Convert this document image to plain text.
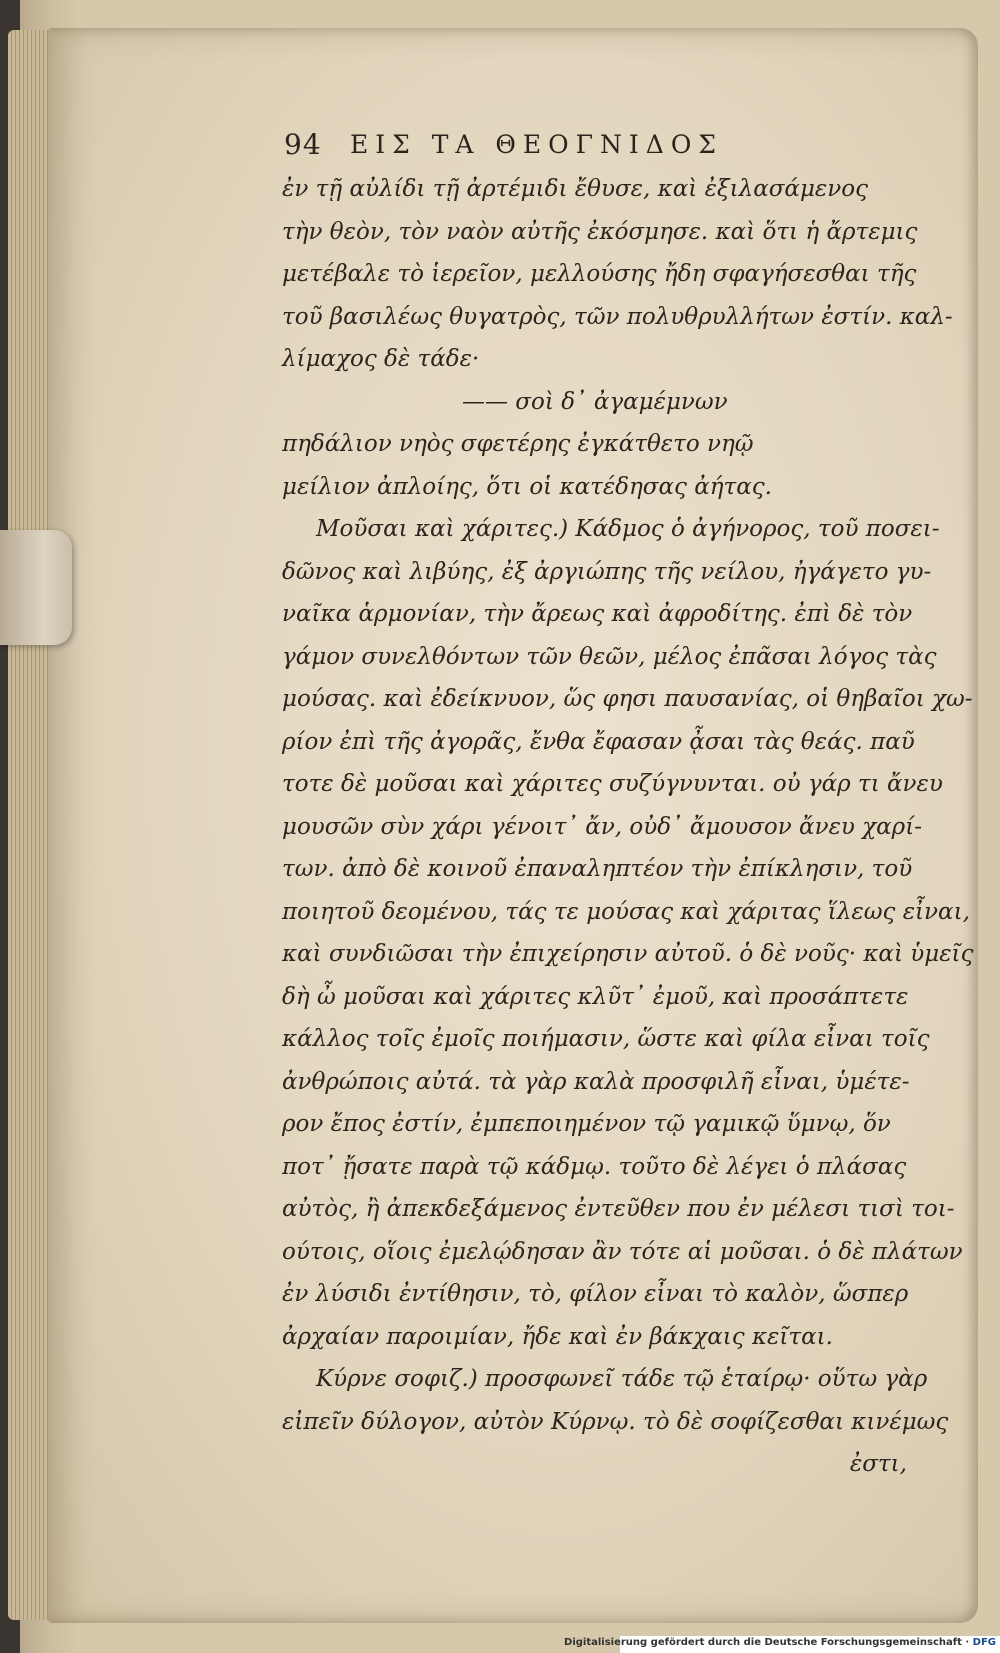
94 ΕΙΣ ΤΑ ΘΕΟΓΝΙΔΟΣ
ἐν τῇ αὐλίδι τῇ ἀρτέμιδι ἔθυσε, καὶ ἐξιλασάμενος
τὴν θεὸν, τὸν ναὸν αὐτῆς ἐκόσμησε. καὶ ὅτι ἡ ἄρτεμις
μετέβαλε τὸ ἱερεῖον, μελλούσης ἤδη σφαγήσεσθαι τῆς
τοῦ βασιλέως θυγατρὸς, τῶν πολυθρυλλήτων ἐστίν. καλ-
λίμαχος δὲ τάδε·
—— σοὶ δ᾽ ἀγαμέμνων
πηδάλιον νηὸς σφετέρης ἐγκάτθετο νηῷ
μείλιον ἀπλοίης, ὅτι οἱ κατέδησας ἀήτας.
Μοῦσαι καὶ χάριτες.) Κάδμος ὁ ἀγήνορος, τοῦ ποσει-
δῶνος καὶ λιβύης, ἐξ ἀργιώπης τῆς νείλου, ἠγάγετο γυ-
ναῖκα ἁρμονίαν, τὴν ἄρεως καὶ ἀφροδίτης. ἐπὶ δὲ τὸν
γάμον συνελθόντων τῶν θεῶν, μέλος ἐπᾶσαι λόγος τὰς
μούσας. καὶ ἐδείκνυον, ὥς φησι παυσανίας, οἱ θηβαῖοι χω-
ρίον ἐπὶ τῆς ἀγορᾶς, ἔνθα ἔφασαν ᾆσαι τὰς θεάς. παῦ
τοτε δὲ μοῦσαι καὶ χάριτες συζύγνυνται. οὐ γάρ τι ἄνευ
μουσῶν σὺν χάρι γένοιτ᾽ ἄν, οὐδ᾽ ἄμουσον ἄνευ χαρί-
των. ἀπὸ δὲ κοινοῦ ἐπαναληπτέον τὴν ἐπίκλησιν, τοῦ
ποιητοῦ δεομένου, τάς τε μούσας καὶ χάριτας ἵλεως εἶναι,
καὶ συνδιῶσαι τὴν ἐπιχείρησιν αὐτοῦ. ὁ δὲ νοῦς· καὶ ὑμεῖς
δὴ ὦ μοῦσαι καὶ χάριτες κλῦτ᾽ ἐμοῦ, καὶ προσάπτετε
κάλλος τοῖς ἐμοῖς ποιήμασιν, ὥστε καὶ φίλα εἶναι τοῖς
ἀνθρώποις αὐτά. τὰ γὰρ καλὰ προσφιλῆ εἶναι, ὑμέτε-
ρον ἔπος ἐστίν, ἐμπεποιημένον τῷ γαμικῷ ὕμνῳ, ὅν
ποτ᾽ ᾔσατε παρὰ τῷ κάδμῳ. τοῦτο δὲ λέγει ὁ πλάσας
αὐτὸς, ἢ ἀπεκδεξάμενος ἐντεῦθεν που ἐν μέλεσι τισὶ τοι-
ούτοις, οἵοις ἐμελῴδησαν ἂν τότε αἱ μοῦσαι. ὁ δὲ πλάτων
ἐν λύσιδι ἐντίθησιν, τὸ, φίλον εἶναι τὸ καλὸν, ὥσπερ
ἀρχαίαν παροιμίαν, ἤδε καὶ ἐν βάκχαις κεῖται.
Κύρνε σοφιζ.) προσφωνεῖ τάδε τῷ ἑταίρῳ· οὕτω γὰρ
εἰπεῖν δύλογον, αὐτὸν Κύρνῳ. τὸ δὲ σοφίζεσθαι κινέμως
ἐστι,
Digitalisierung gefördert durch die Deutsche Forschungsgemeinschaft · DFG
